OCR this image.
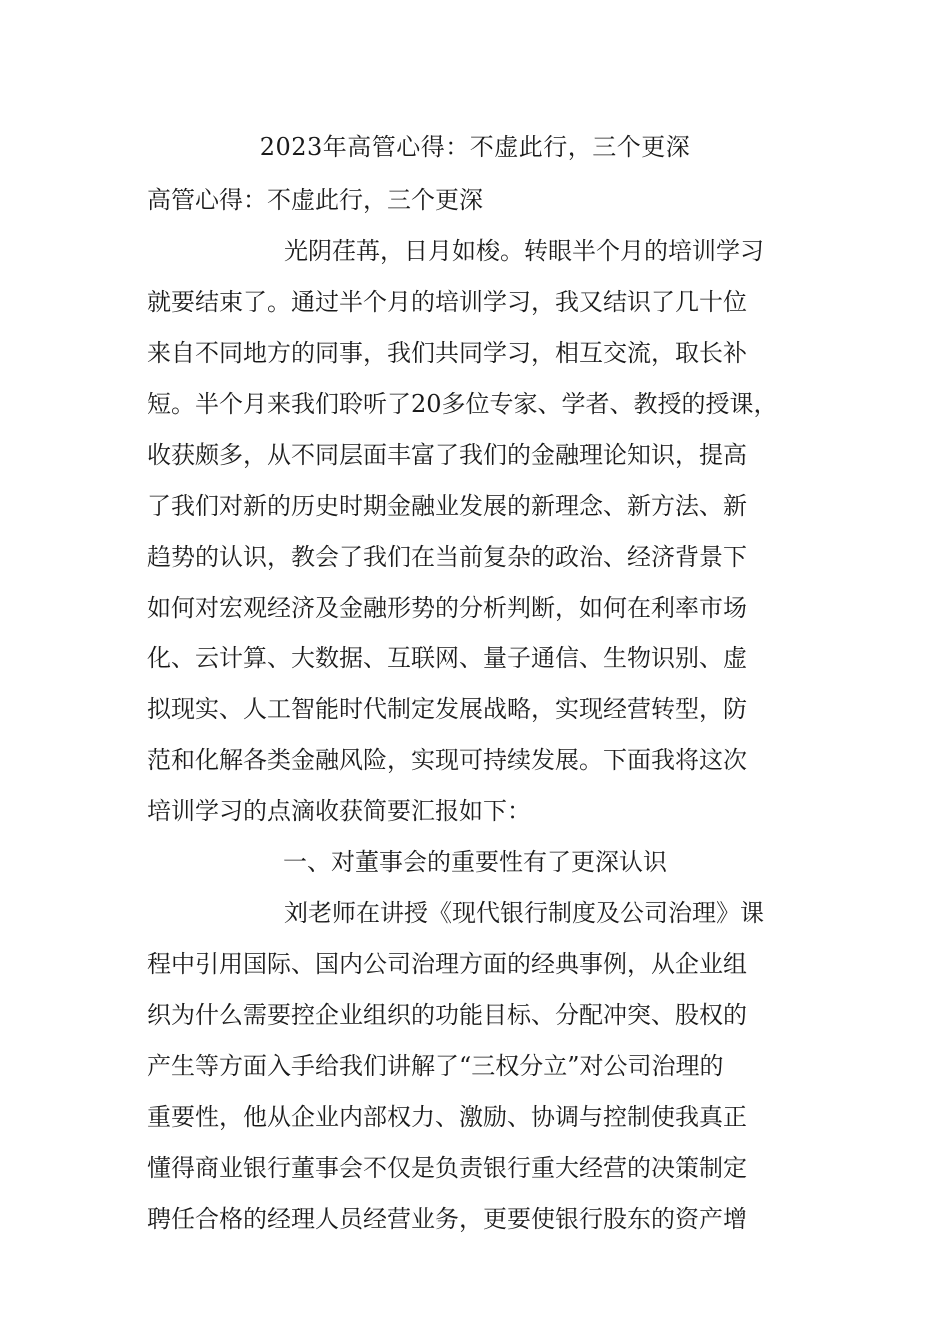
2023年高管心得：不虚此行，三个更深
高管心得：不虚此行，三个更深
光阴荏苒，日月如梭。转眼半个月的培训学习
就要结束了。通过半个月的培训学习，我又结识了几十位
来自不同地方的同事，我们共同学习，相互交流，取长补
短。半个月来我们聆听了20多位专家、学者、教授的授课，
收获颇多，从不同层面丰富了我们的金融理论知识，提高
了我们对新的历史时期金融业发展的新理念、新方法、新
趋势的认识，教会了我们在当前复杂的政治、经济背景下
如何对宏观经济及金融形势的分析判断，如何在利率市场
化、云计算、大数据、互联网、量子通信、生物识别、虚
拟现实、人工智能时代制定发展战略，实现经营转型，防
范和化解各类金融风险，实现可持续发展。下面我将这次
培训学习的点滴收获简要汇报如下：
一、对董事会的重要性有了更深认识
刘老师在讲授《现代银行制度及公司治理》课
程中引用国际、国内公司治理方面的经典事例，从企业组
织为什么需要控企业组织的功能目标、分配冲突、股权的
产生等方面入手给我们讲解了“三权分立”对公司治理的
重要性，他从企业内部权力、激励、协调与控制使我真正
懂得商业银行董事会不仅是负责银行重大经营的决策制定
聘任合格的经理人员经营业务，更要使银行股东的资产增
